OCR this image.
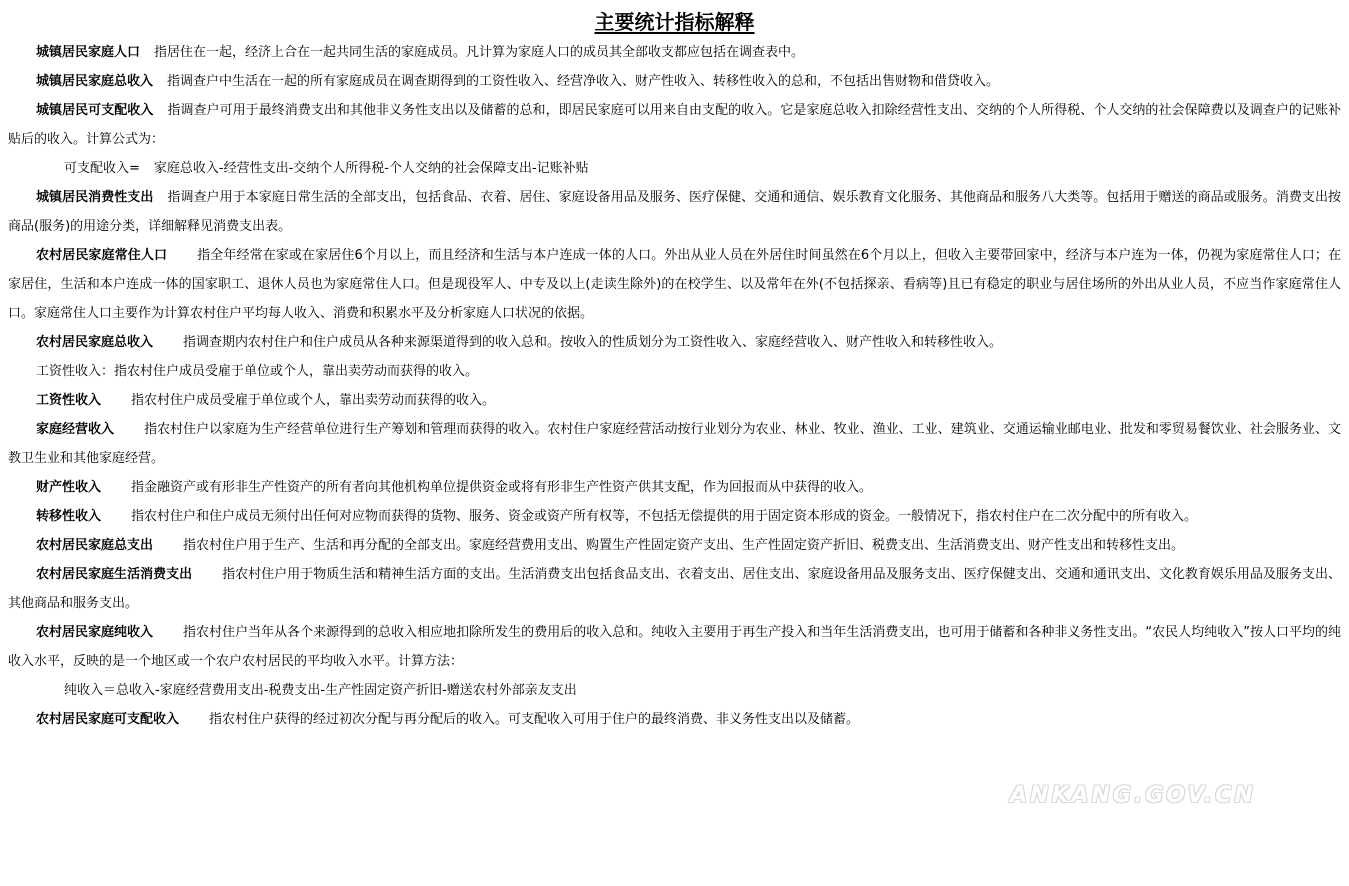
主要统计指标解释

城镇居民家庭人口 指居住在一起，经济上合在一起共同生活的家庭成员。凡计算为家庭人口的成员其全部收支都应包括在调查表中。

城镇居民家庭总收入 指调查户中生活在一起的所有家庭成员在调查期得到的工资性收入、经营净收入、财产性收入、转移性收入的总和，不包括出售财物和借贷收入。

城镇居民可支配收入 指调查户可用于最终消费支出和其他非义务性支出以及储蓄的总和，即居民家庭可以用来自由支配的收入。它是家庭总收入扣除经营性支出、交纳的个人所得税、个人交纳的社会保障费以及调查户的记账补贴后的收入。计算公式为：

可支配收入= 家庭总收入-经营性支出-交纳个人所得税-个人交纳的社会保障支出-记账补贴

城镇居民消费性支出 指调查户用于本家庭日常生活的全部支出，包括食品、衣着、居住、家庭设备用品及服务、医疗保健、交通和通信、娱乐教育文化服务、其他商品和服务八大类等。包括用于赠送的商品或服务。消费支出按商品(服务)的用途分类，详细解释见消费支出表。

农村居民家庭常住人口 指全年经常在家或在家居住6个月以上，而且经济和生活与本户连成一体的人口。外出从业人员在外居住时间虽然在6个月以上，但收入主要带回家中，经济与本户连为一体，仍视为家庭常住人口；在家居住，生活和本户连成一体的国家职工、退休人员也为家庭常住人口。但是现役军人、中专及以上(走读生除外)的在校学生、以及常年在外(不包括探亲、看病等)且已有稳定的职业与居住场所的外出从业人员，不应当作家庭常住人口。家庭常住人口主要作为计算农村住户平均每人收入、消费和积累水平及分析家庭人口状况的依据。

农村居民家庭总收入 指调查期内农村住户和住户成员从各种来源渠道得到的收入总和。按收入的性质划分为工资性收入、家庭经营收入、财产性收入和转移性收入。

工资性收入：指农村住户成员受雇于单位或个人，靠出卖劳动而获得的收入。

工资性收入 指农村住户成员受雇于单位或个人，靠出卖劳动而获得的收入。

家庭经营收入 指农村住户以家庭为生产经营单位进行生产筹划和管理而获得的收入。农村住户家庭经营活动按行业划分为农业、林业、牧业、渔业、工业、建筑业、交通运输业邮电业、批发和零贸易餐饮业、社会服务业、文教卫生业和其他家庭经营。

财产性收入 指金融资产或有形非生产性资产的所有者向其他机构单位提供资金或将有形非生产性资产供其支配，作为回报而从中获得的收入。

转移性收入 指农村住户和住户成员无须付出任何对应物而获得的货物、服务、资金或资产所有权等，不包括无偿提供的用于固定资本形成的资金。一般情况下，指农村住户在二次分配中的所有收入。

农村居民家庭总支出 指农村住户用于生产、生活和再分配的全部支出。家庭经营费用支出、购置生产性固定资产支出、生产性固定资产折旧、税费支出、生活消费支出、财产性支出和转移性支出。

农村居民家庭生活消费支出 指农村住户用于物质生活和精神生活方面的支出。生活消费支出包括食品支出、衣着支出、居住支出、家庭设备用品及服务支出、医疗保健支出、交通和通讯支出、文化教育娱乐用品及服务支出、其他商品和服务支出。

农村居民家庭纯收入 指农村住户当年从各个来源得到的总收入相应地扣除所发生的费用后的收入总和。纯收入主要用于再生产投入和当年生活消费支出，也可用于储蓄和各种非义务性支出。“农民人均纯收入”按人口平均的纯收入水平，反映的是一个地区或一个农户农村居民的平均收入水平。计算方法：

纯收入＝总收入-家庭经营费用支出-税费支出-生产性固定资产折旧-赠送农村外部亲友支出

农村居民家庭可支配收入 指农村住户获得的经过初次分配与再分配后的收入。可支配收入可用于住户的最终消费、非义务性支出以及储蓄。

ANKANG.GOV.CN
